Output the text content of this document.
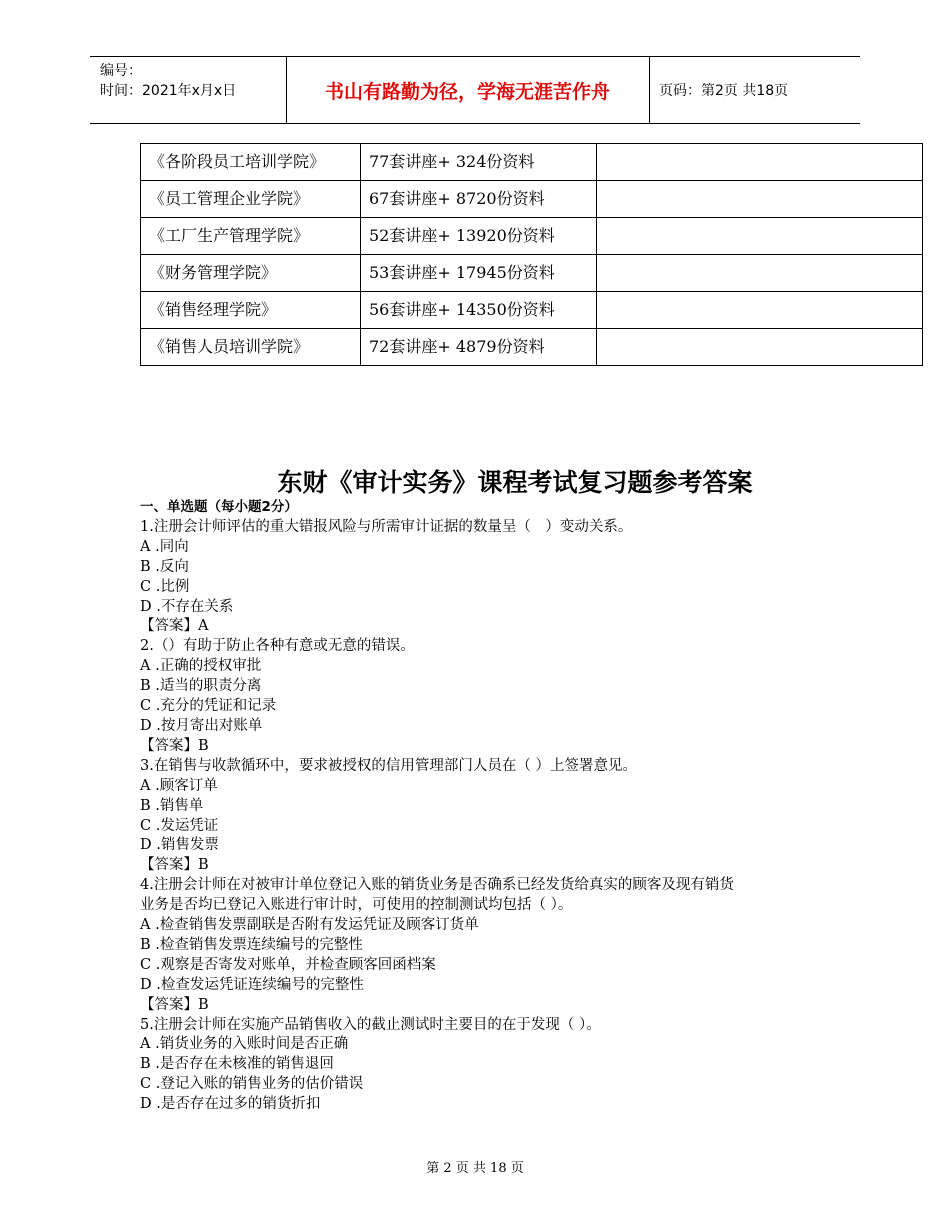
编号：
时间：2021年x月x日	书山有路勤为径，学海无涯苦作舟	页码：第2页 共18页
《各阶段员工培训学院》	77套讲座+ 324份资料	
《员工管理企业学院》	67套讲座+ 8720份资料	
《工厂生产管理学院》	52套讲座+ 13920份资料	
《财务管理学院》	53套讲座+ 17945份资料	
《销售经理学院》	56套讲座+ 14350份资料	
《销售人员培训学院》	72套讲座+ 4879份资料	
东财《审计实务》课程考试复习题参考答案
一、单选题（每小题2分）
1.注册会计师评估的重大错报风险与所需审计证据的数量呈（　）变动关系。
A .同向
B .反向
C .比例
D .不存在关系
【答案】A
2.（）有助于防止各种有意或无意的错误。
A .正确的授权审批
B .适当的职责分离
C .充分的凭证和记录
D .按月寄出对账单
【答案】B
3.在销售与收款循环中，要求被授权的信用管理部门人员在（ ）上签署意见。
A .顾客订单
B .销售单
C .发运凭证
D .销售发票
【答案】B
4.注册会计师在对被审计单位登记入账的销货业务是否确系已经发货给真实的顾客及现有销货
业务是否均已登记入账进行审计时，可使用的控制测试均包括（ ）。
A .检查销售发票副联是否附有发运凭证及顾客订货单
B .检查销售发票连续编号的完整性
C .观察是否寄发对账单，并检查顾客回函档案
D .检查发运凭证连续编号的完整性
【答案】B
5.注册会计师在实施产品销售收入的截止测试时主要目的在于发现（ ）。
A .销货业务的入账时间是否正确
B .是否存在未核准的销售退回
C .登记入账的销售业务的估价错误
D .是否存在过多的销货折扣
第 2 页 共 18 页
